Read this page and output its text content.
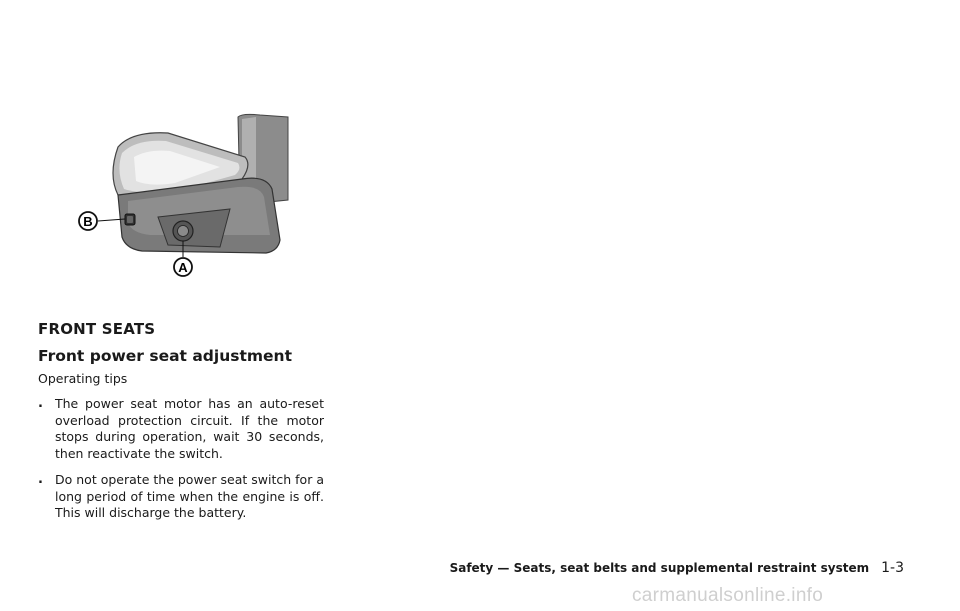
B
A
FRONT SEATS
Front power seat adjustment
Operating tips
. The power seat motor has an auto-reset overload protection circuit. If the motor stops during operation, wait 30 seconds, then reactivate the switch.
. Do not operate the power seat switch for a long period of time when the engine is off. This will discharge the battery.
Safety — Seats, seat belts and supplemental restraint system 1-3
carmanualsonline.info
